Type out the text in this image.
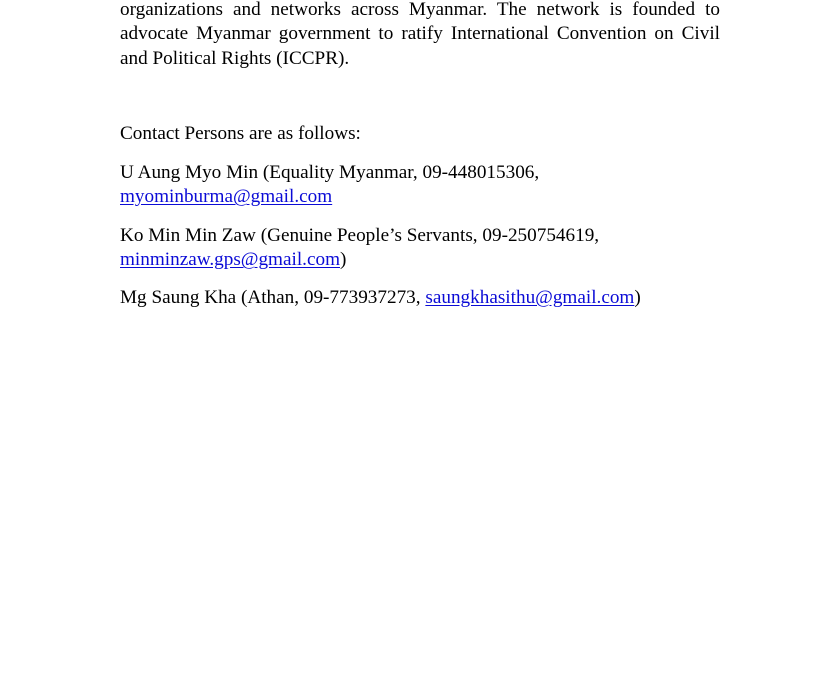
organizations and networks across Myanmar. The network is founded to advocate Myanmar government to ratify International Convention on Civil and Political Rights (ICCPR).

Contact Persons are as follows:

U Aung Myo Min (Equality Myanmar, 09-448015306,
myominburma@gmail.com

Ko Min Min Zaw (Genuine People’s Servants, 09-250754619,
minminzaw.gps@gmail.com)

Mg Saung Kha (Athan, 09-773937273, saungkhasithu@gmail.com)
